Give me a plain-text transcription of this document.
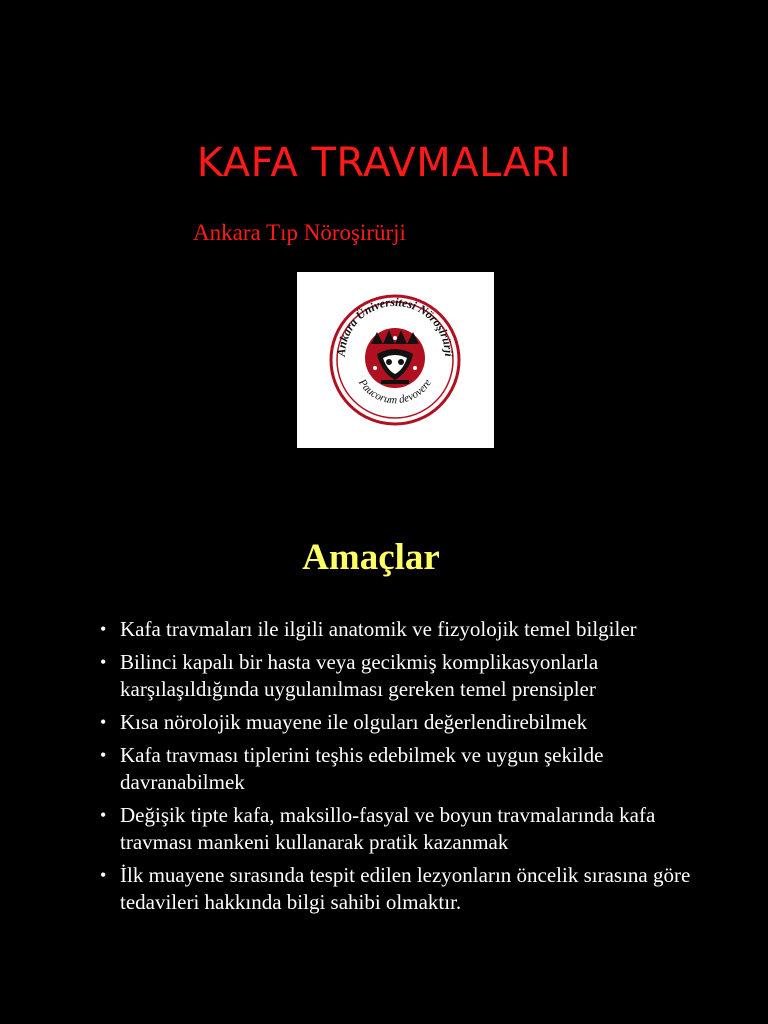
KAFA TRAVMALARI

Ankara Tıp Nöroşirürji

Ankara Üniversitesi Nöroşirürji
Paucorum devovere
Amaçlar
• Kafa travmaları ile ilgili anatomik ve fizyolojik temel bilgiler
• Bilinci kapalı bir hasta veya gecikmiş komplikasyonlarla karşılaşıldığında uygulanılması gereken temel prensipler
• Kısa nörolojik muayene ile olguları değerlendirebilmek
• Kafa travması tiplerini teşhis edebilmek ve uygun şekilde davranabilmek
• Değişik tipte kafa, maksillo-fasyal ve boyun travmalarında kafa travması mankeni kullanarak pratik kazanmak
• İlk muayene sırasında tespit edilen lezyonların öncelik sırasına göre tedavileri hakkında bilgi sahibi olmaktır.
